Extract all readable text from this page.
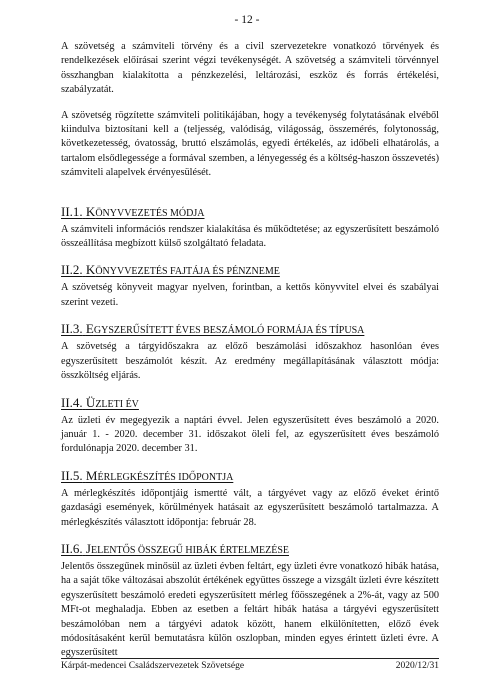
- 12 -

A szövetség a számviteli törvény és a civil szervezetekre vonatkozó törvények és rendelkezések előírásai szerint végzi tevékenységét. A szövetség a számviteli törvénnyel összhangban kialakította a pénzkezelési, leltározási, eszköz és forrás értékelési, szabályzatát.

A szövetség rögzítette számviteli politikájában, hogy a tevékenység folytatásának elvéből kiindulva biztosítani kell a (teljesség, valódiság, világosság, összemérés, folytonosság, következetesség, óvatosság, bruttó elszámolás, egyedi értékelés, az időbeli elhatárolás, a tartalom elsődlegessége a formával szemben, a lényegesség és a költség-haszon összevetés) számviteli alapelvek érvényesülését.

II.1. KÖNYVVEZETÉS MÓDJA

A számviteli információs rendszer kialakítása és működtetése; az egyszerűsített beszámoló összeállítása megbízott külső szolgáltató feladata.

II.2. KÖNYVVEZETÉS FAJTÁJA ÉS PÉNZNEME

A szövetség könyveit magyar nyelven, forintban, a kettős könyvvitel elvei és szabályai szerint vezeti.

II.3. EGYSZERŰSÍTETT ÉVES BESZÁMOLÓ FORMÁJA ÉS TÍPUSA

A szövetség a tárgyidőszakra az előző beszámolási időszakhoz hasonlóan éves egyszerűsített beszámolót készít. Az eredmény megállapításának választott módja: összköltség eljárás.

II.4. ÜZLETI ÉV

Az üzleti év megegyezik a naptári évvel. Jelen egyszerűsített éves beszámoló a 2020. január 1. - 2020. december 31. időszakot öleli fel, az egyszerűsített éves beszámoló fordulónapja 2020. december 31.

II.5. MÉRLEGKÉSZÍTÉS IDŐPONTJA

A mérlegkészítés időpontjáig ismertté vált, a tárgyévet vagy az előző éveket érintő gazdasági események, körülmények hatásait az egyszerűsített beszámoló tartalmazza. A mérlegkészítés választott időpontja: február 28.

II.6. JELENTŐS ÖSSZEGŰ HIBÁK ÉRTELMEZÉSE

Jelentős összegűnek minősül az üzleti évben feltárt, egy üzleti évre vonatkozó hibák hatása, ha a saját tőke változásai abszolút értékének együttes összege a vizsgált üzleti évre készített egyszerűsített beszámoló eredeti egyszerűsített mérleg főösszegének a 2%-át, vagy az 500 MFt-ot meghaladja. Ebben az esetben a feltárt hibák hatása a tárgyévi egyszerűsített beszámolóban nem a tárgyévi adatok között, hanem elkülönítetten, előző évek módosításaként kerül bemutatásra külön oszlopban, minden egyes érintett üzleti évre. A egyszerűsített

Kárpát-medencei Családszervezetek Szövetsége	2020/12/31
